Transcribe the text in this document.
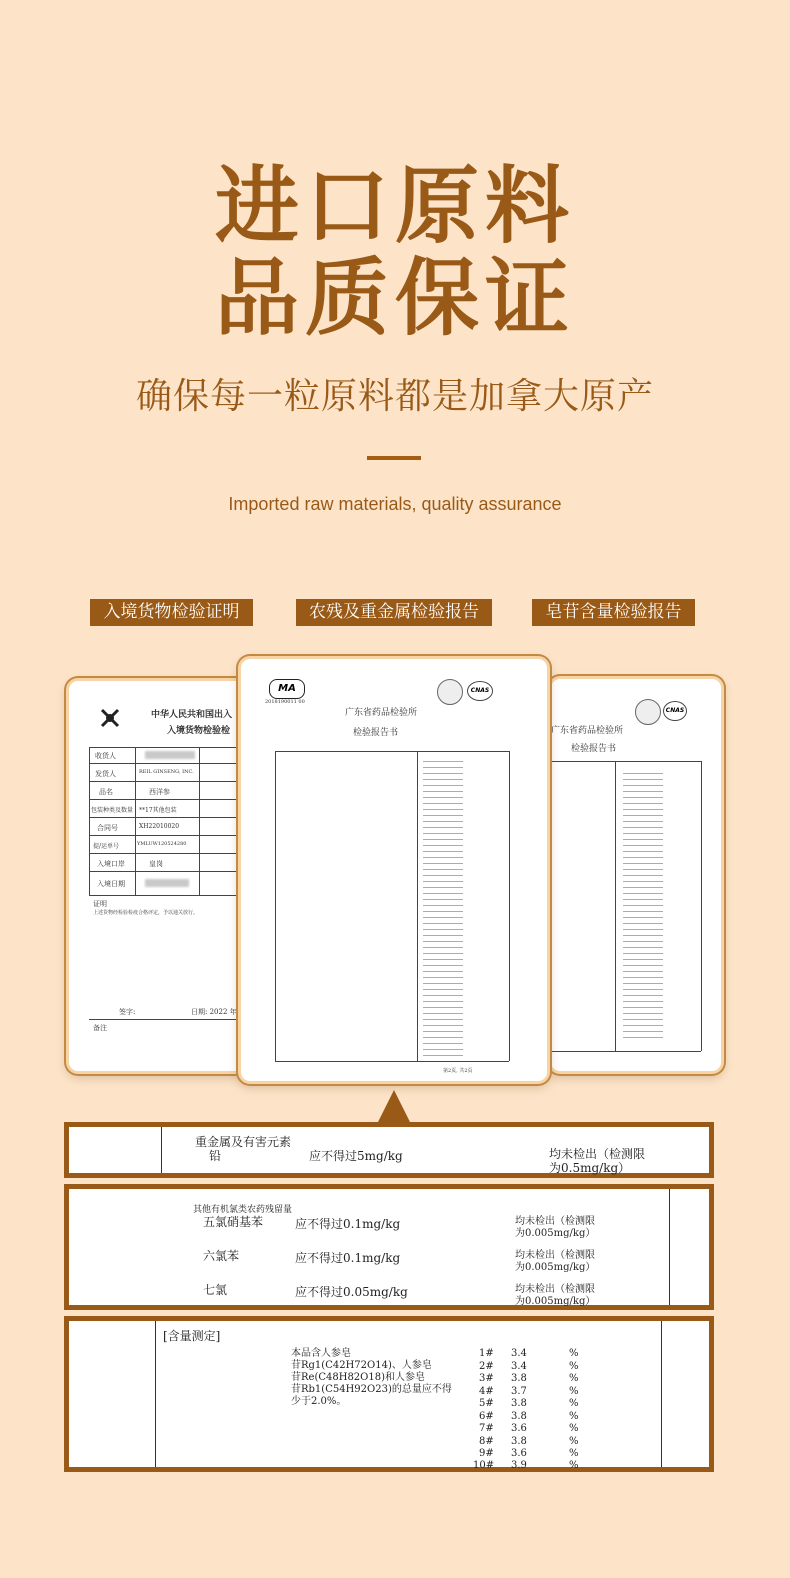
进口原料
品质保证
确保每一粒原料都是加拿大原产
Imported raw materials, quality assurance
入境货物检验证明	农残及重金属检验报告	皂苷含量检验报告
中华人民共和国出入
入境货物检验检
收货人
发货人	REIL GINSENG, INC.
品名	西洋参
包装种类及数量 **17其他包装
合同号	XH22010020
提/运单号	YMLUW120524280
入境口岸	皇岗
入境日期
证明
上述货物经检验检疫合格评定，予以通关放行。
签字:	日期: 2022 年
备注
CNAS
广东省药品检验所
检验报告书
MA
2018190011 00
CNAS
广东省药品检验所
检验报告书
第2页, 共2页
重金属及有害元素
铅	应不得过5mg/kg	均未检出（检测限
为0.5mg/kg）
其他有机氯类农药残留量
五氯硝基苯	应不得过0.1mg/kg	均未检出（检测限
为0.005mg/kg）
六氯苯	应不得过0.1mg/kg	均未检出（检测限
为0.005mg/kg）
七氯	应不得过0.05mg/kg	均未检出（检测限
为0.005mg/kg）
[含量测定]
本品含人参皂
苷Rg1(C42H72O14)、人参皂
苷Re(C48H82O18)和人参皂
苷Rb1(C54H92O23)的总量应不得
少于2.0%。
1# 3.4	%
2# 3.4	%
3# 3.8	%
4# 3.7	%
5# 3.8	%
6# 3.8	%
7# 3.6	%
8# 3.8	%
9# 3.6	%
10# 3.9	%
